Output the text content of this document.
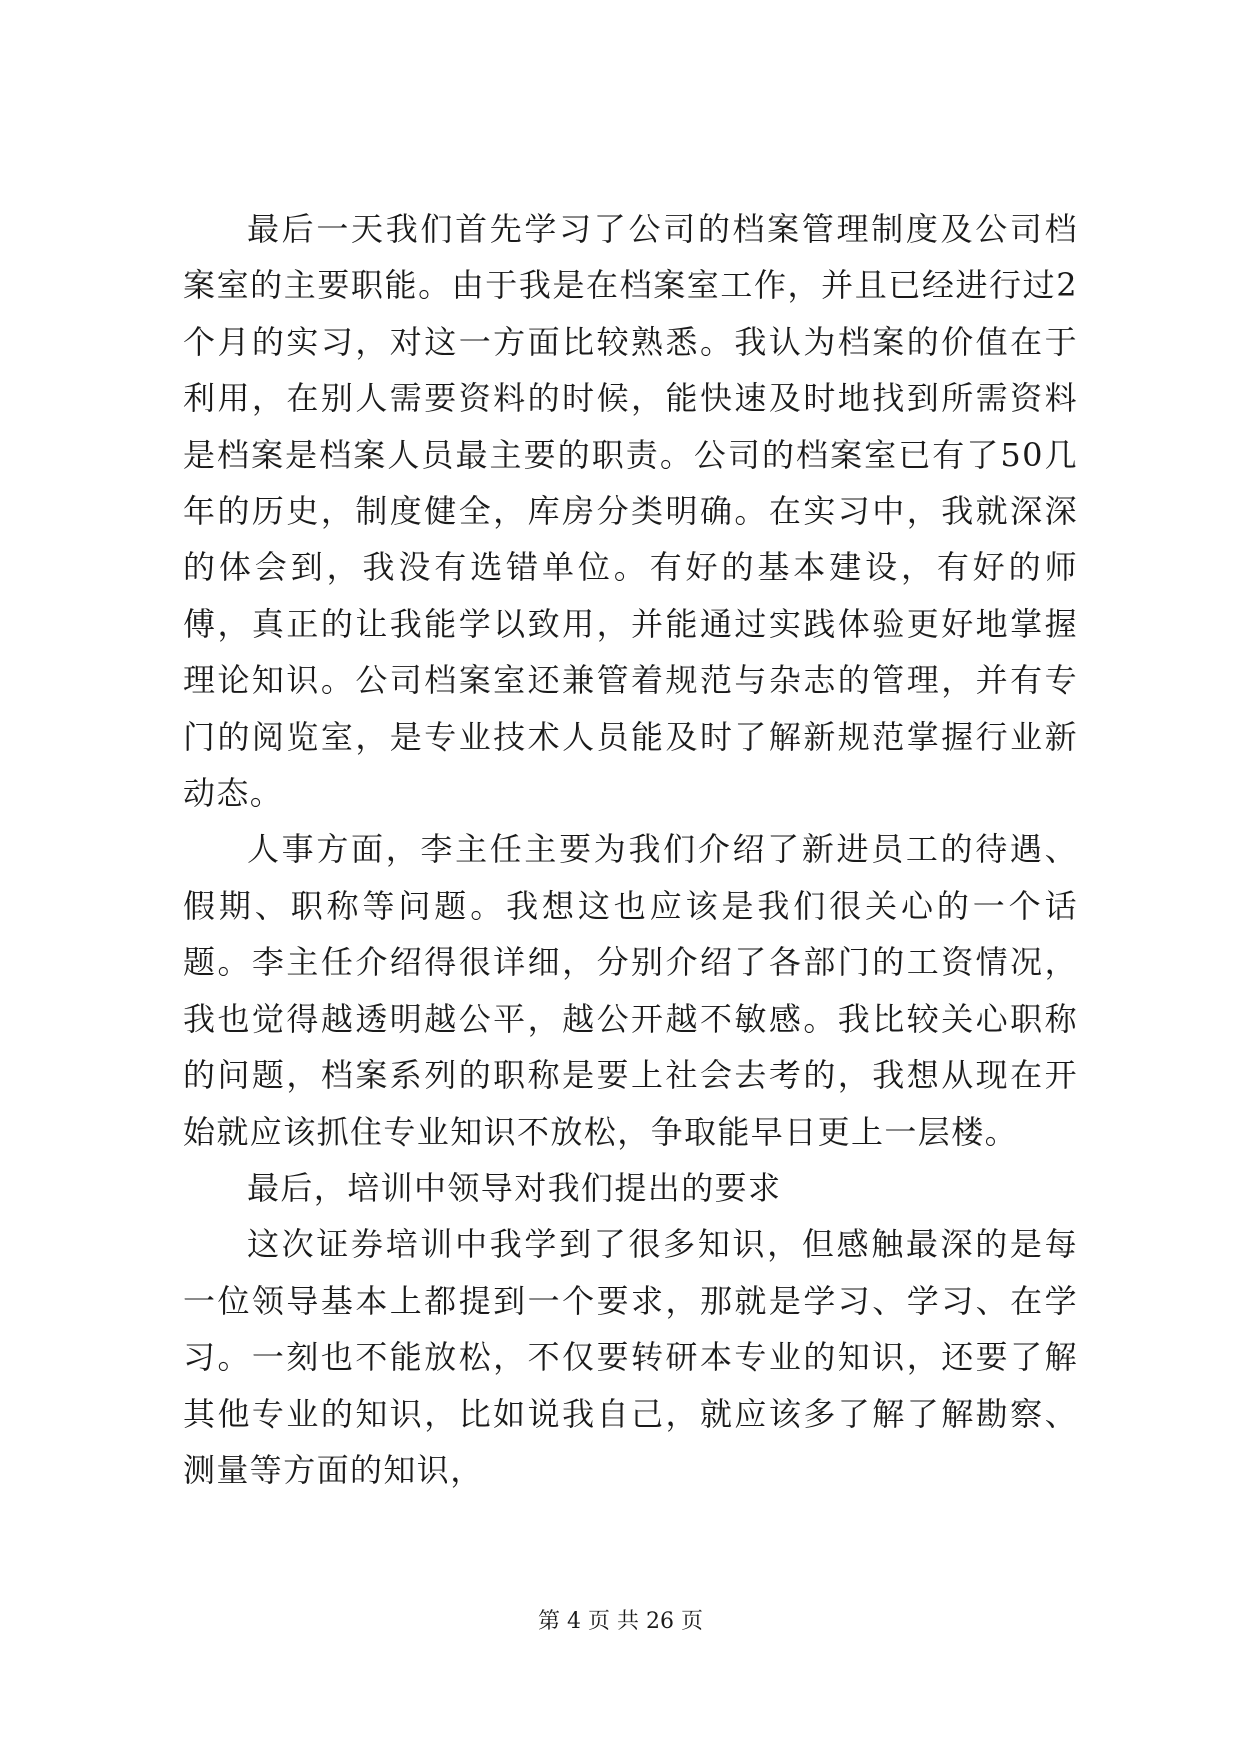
最后一天我们首先学习了公司的档案管理制度及公司档案室的主要职能。由于我是在档案室工作，并且已经进行过2个月的实习，对这一方面比较熟悉。我认为档案的价值在于利用，在别人需要资料的时候，能快速及时地找到所需资料是档案是档案人员最主要的职责。公司的档案室已有了50几年的历史，制度健全，库房分类明确。在实习中，我就深深的体会到，我没有选错单位。有好的基本建设，有好的师傅，真正的让我能学以致用，并能通过实践体验更好地掌握理论知识。公司档案室还兼管着规范与杂志的管理，并有专门的阅览室，是专业技术人员能及时了解新规范掌握行业新动态。

人事方面，李主任主要为我们介绍了新进员工的待遇、假期、职称等问题。我想这也应该是我们很关心的一个话题。李主任介绍得很详细，分别介绍了各部门的工资情况，我也觉得越透明越公平，越公开越不敏感。我比较关心职称的问题，档案系列的职称是要上社会去考的，我想从现在开始就应该抓住专业知识不放松，争取能早日更上一层楼。

最后，培训中领导对我们提出的要求

这次证券培训中我学到了很多知识，但感触最深的是每一位领导基本上都提到一个要求，那就是学习、学习、在学习。一刻也不能放松，不仅要转研本专业的知识，还要了解其他专业的知识，比如说我自己，就应该多了解了解勘察、测量等方面的知识，

第 4 页 共 26 页
